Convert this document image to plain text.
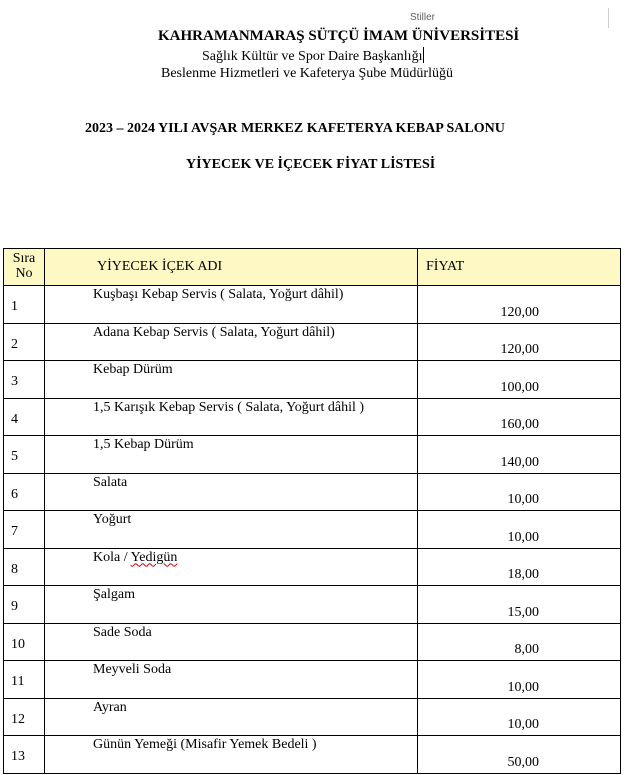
Stiller
KAHRAMANMARAŞ SÜTÇÜ İMAM ÜNİVERSİTESİ
Sağlık Kültür ve Spor Daire Başkanlığı
Beslenme Hizmetleri ve Kafeterya Şube Müdürlüğü
2023 – 2024 YILI AVŞAR MERKEZ KAFETERYA KEBAP SALONU
YİYECEK VE İÇECEK FİYAT LİSTESİ
Sıra
No	YİYECEK İÇEK ADI	FİYAT
1	Kuşbaşı Kebap Servis ( Salata, Yoğurt dâhil)	120,00
2	Adana Kebap Servis ( Salata, Yoğurt dâhil)	120,00
3	Kebap Dürüm	100,00
4	1,5 Karışık Kebap Servis ( Salata, Yoğurt dâhil )	160,00
5	1,5 Kebap Dürüm	140,00
6	Salata	10,00
7	Yoğurt	10,00
8	Kola / Yedigün	18,00
9	Şalgam	15,00
10	Sade Soda	8,00
11	Meyveli Soda	10,00
12	Ayran	10,00
13	Günün Yemeği (Misafir Yemek Bedeli )	50,00
